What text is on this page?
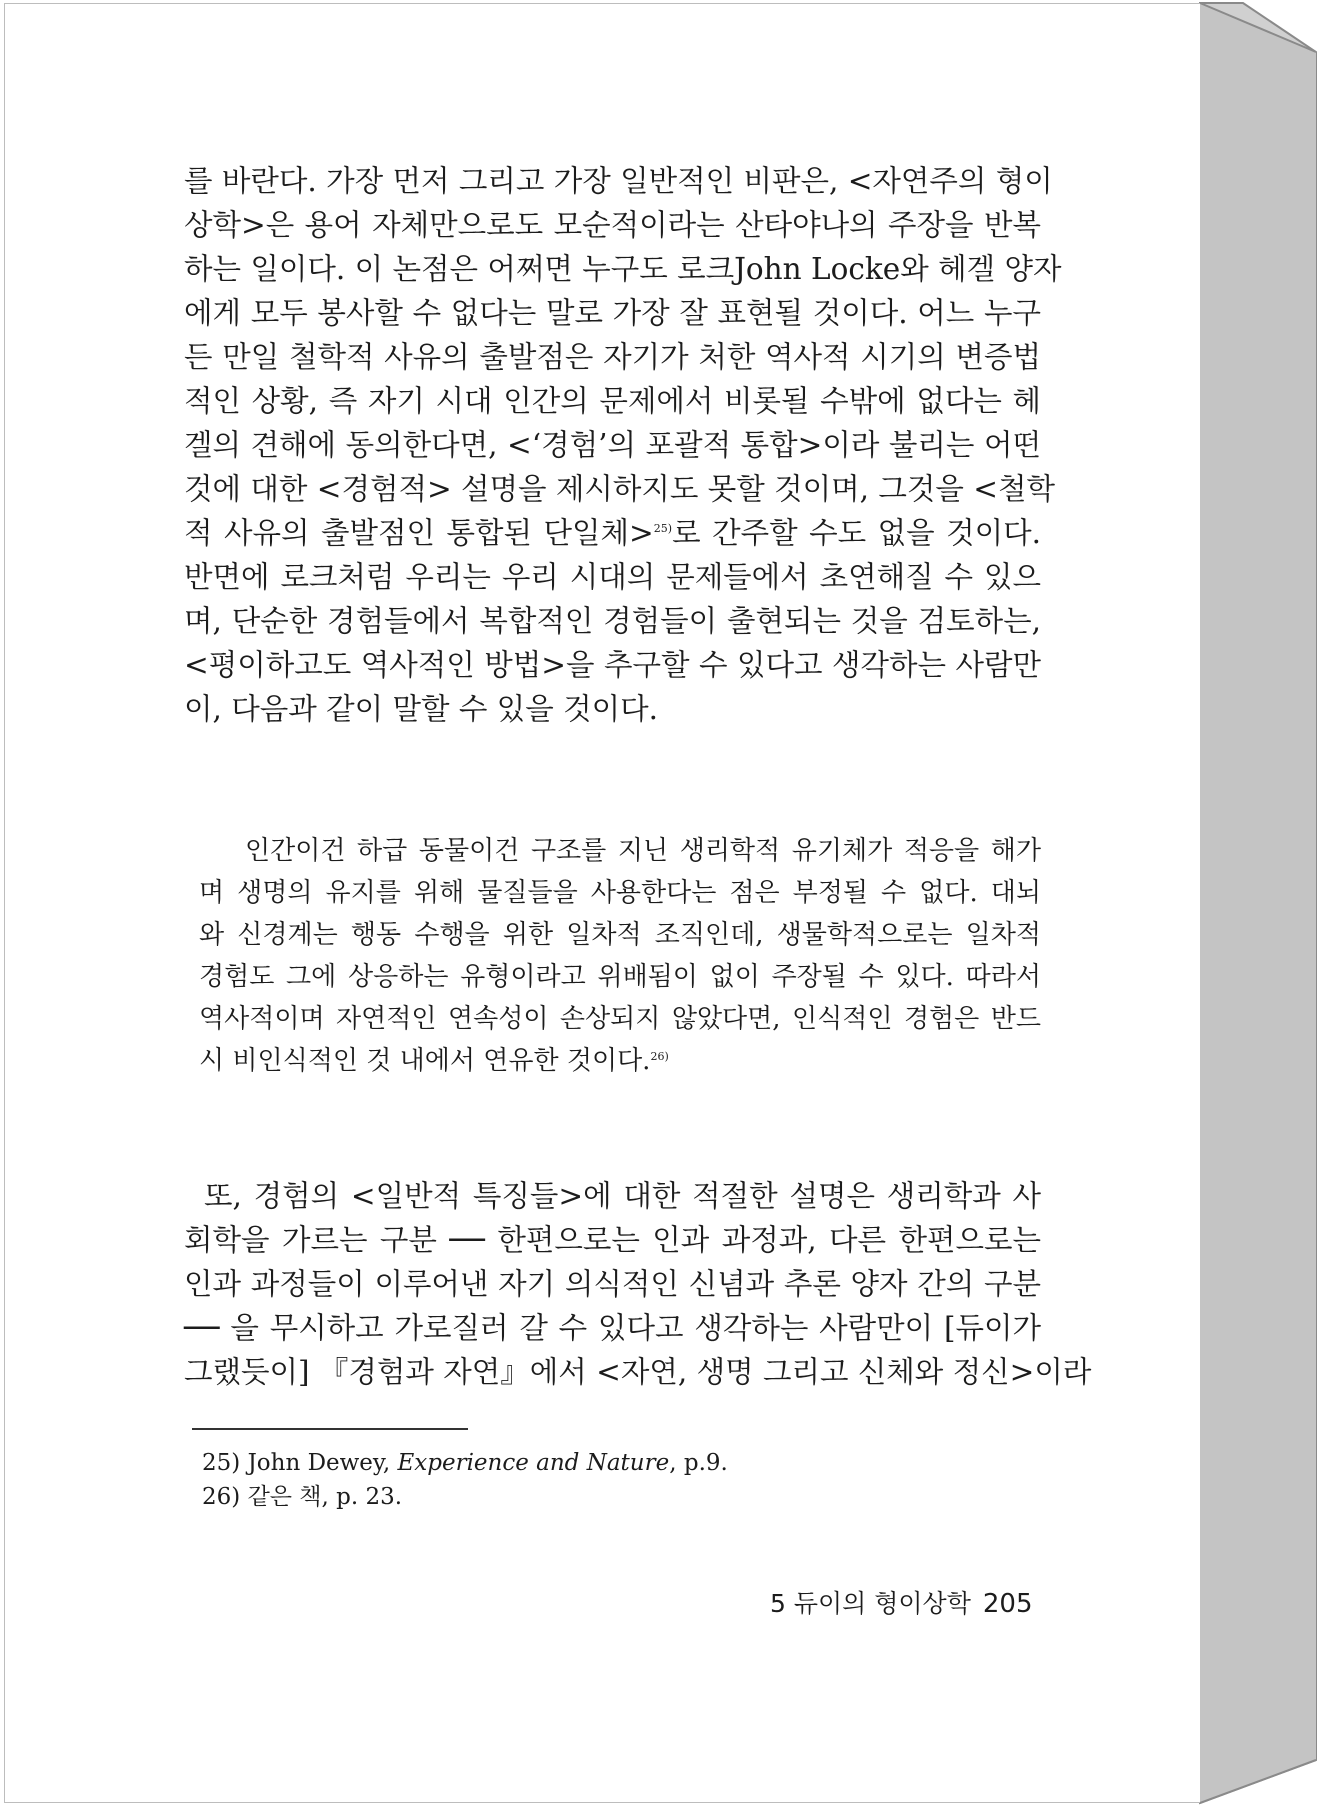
를 바란다. 가장 먼저 그리고 가장 일반적인 비판은, <자연주의 형이
상학>은 용어 자체만으로도 모순적이라는 산타야나의 주장을 반복
하는 일이다. 이 논점은 어쩌면 누구도 로크John Locke와 헤겔 양자
에게 모두 봉사할 수 없다는 말로 가장 잘 표현될 것이다. 어느 누구
든 만일 철학적 사유의 출발점은 자기가 처한 역사적 시기의 변증법
적인 상황, 즉 자기 시대 인간의 문제에서 비롯될 수밖에 없다는 헤
겔의 견해에 동의한다면, <‘경험’의 포괄적 통합>이라 불리는 어떤
것에 대한 <경험적> 설명을 제시하지도 못할 것이며, 그것을 <철학
적 사유의 출발점인 통합된 단일체>$^{25)}$로 간주할 수도 없을 것이다.
반면에 로크처럼 우리는 우리 시대의 문제들에서 초연해질 수 있으
며, 단순한 경험들에서 복합적인 경험들이 출현되는 것을 검토하는,
<평이하고도 역사적인 방법>을 추구할 수 있다고 생각하는 사람만
이, 다음과 같이 말할 수 있을 것이다.
인간이건 하급 동물이건 구조를 지닌 생리학적 유기체가 적응을 해가
며 생명의 유지를 위해 물질들을 사용한다는 점은 부정될 수 없다. 대뇌
와 신경계는 행동 수행을 위한 일차적 조직인데, 생물학적으로는 일차적
경험도 그에 상응하는 유형이라고 위배됨이 없이 주장될 수 있다. 따라서
역사적이며 자연적인 연속성이 손상되지 않았다면, 인식적인 경험은 반드
시 비인식적인 것 내에서 연유한 것이다.$^{26)}$
또, 경험의 <일반적 특징들>에 대한 적절한 설명은 생리학과 사
회학을 가르는 구분 ── 한편으로는 인과 과정과, 다른 한편으로는
인과 과정들이 이루어낸 자기 의식적인 신념과 추론 양자 간의 구분
── 을 무시하고 가로질러 갈 수 있다고 생각하는 사람만이 [듀이가
그랬듯이] 『경험과 자연』에서 <자연, 생명 그리고 신체와 정신>이라
25) John Dewey, Experience and Nature, p.9.
26) 같은 책, p. 23.
5 듀이의 형이상학 205
